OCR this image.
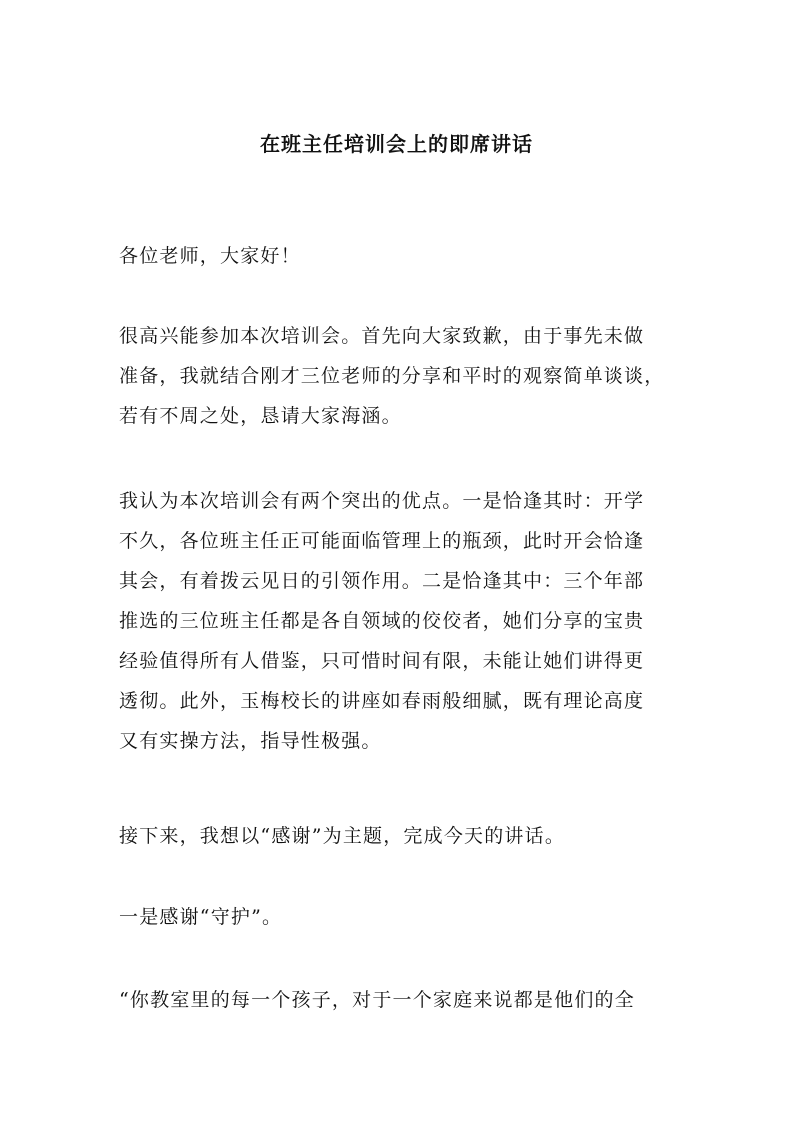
在班主任培训会上的即席讲话

各位老师，大家好！

很高兴能参加本次培训会。首先向大家致歉，由于事先未做
准备，我就结合刚才三位老师的分享和平时的观察简单谈谈，
若有不周之处，恳请大家海涵。

我认为本次培训会有两个突出的优点。一是恰逢其时：开学
不久，各位班主任正可能面临管理上的瓶颈，此时开会恰逢
其会，有着拨云见日的引领作用。二是恰逢其中：三个年部
推选的三位班主任都是各自领域的佼佼者，她们分享的宝贵
经验值得所有人借鉴，只可惜时间有限，未能让她们讲得更
透彻。此外，玉梅校长的讲座如春雨般细腻，既有理论高度
又有实操方法，指导性极强。

接下来，我想以“感谢”为主题，完成今天的讲话。

一是感谢“守护”。

“你教室里的每一个孩子，对于一个家庭来说都是他们的全
